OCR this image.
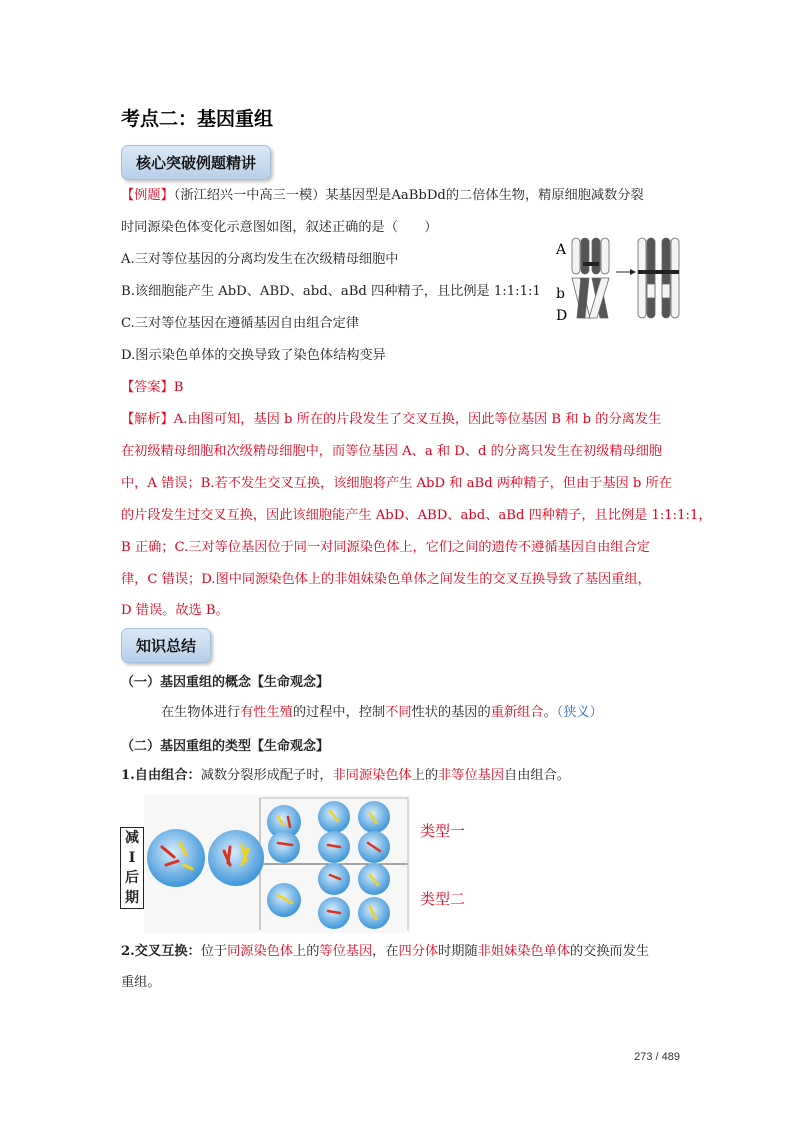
考点二：基因重组
核心突破例题精讲
【例题】（浙江绍兴一中高三一模）某基因型是AaBbDd的二倍体生物，精原细胞减数分裂
时同源染色体变化示意图如图，叙述正确的是（　　）
A.三对等位基因的分离均发生在次级精母细胞中
B.该细胞能产生 AbD、ABD、abd、aBd 四种精子，且比例是 1:1:1:1
C.三对等位基因在遵循基因自由组合定律
D.图示染色单体的交换导致了染色体结构变异
A
b
D
【答案】B
【解析】A.由图可知，基因 b 所在的片段发生了交叉互换，因此等位基因 B 和 b 的分离发生
在初级精母细胞和次级精母细胞中，而等位基因 A、a 和 D、d 的分离只发生在初级精母细胞
中，A 错误；B.若不发生交叉互换，该细胞将产生 AbD 和 aBd 两种精子，但由于基因 b 所在
的片段发生过交叉互换，因此该细胞能产生 AbD、ABD、abd、aBd 四种精子，且比例是 1:1:1:1，
B 正确；C.三对等位基因位于同一对同源染色体上，它们之间的遗传不遵循基因自由组合定
律，C 错误；D.图中同源染色体上的非姐妹染色单体之间发生的交叉互换导致了基因重组，
D 错误。故选 B。
知识总结
（一）基因重组的概念【生命观念】
在生物体进行有性生殖的过程中，控制不同性状的基因的重新组合。（狭义）
（二）基因重组的类型【生命观念】
1.自由组合：减数分裂形成配子时，非同源染色体上的非等位基因自由组合。
减
I
后
期
类型一
类型二
2.交叉互换：位于同源染色体上的等位基因，在四分体时期随非姐妹染色单体的交换而发生
重组。
273 / 489
